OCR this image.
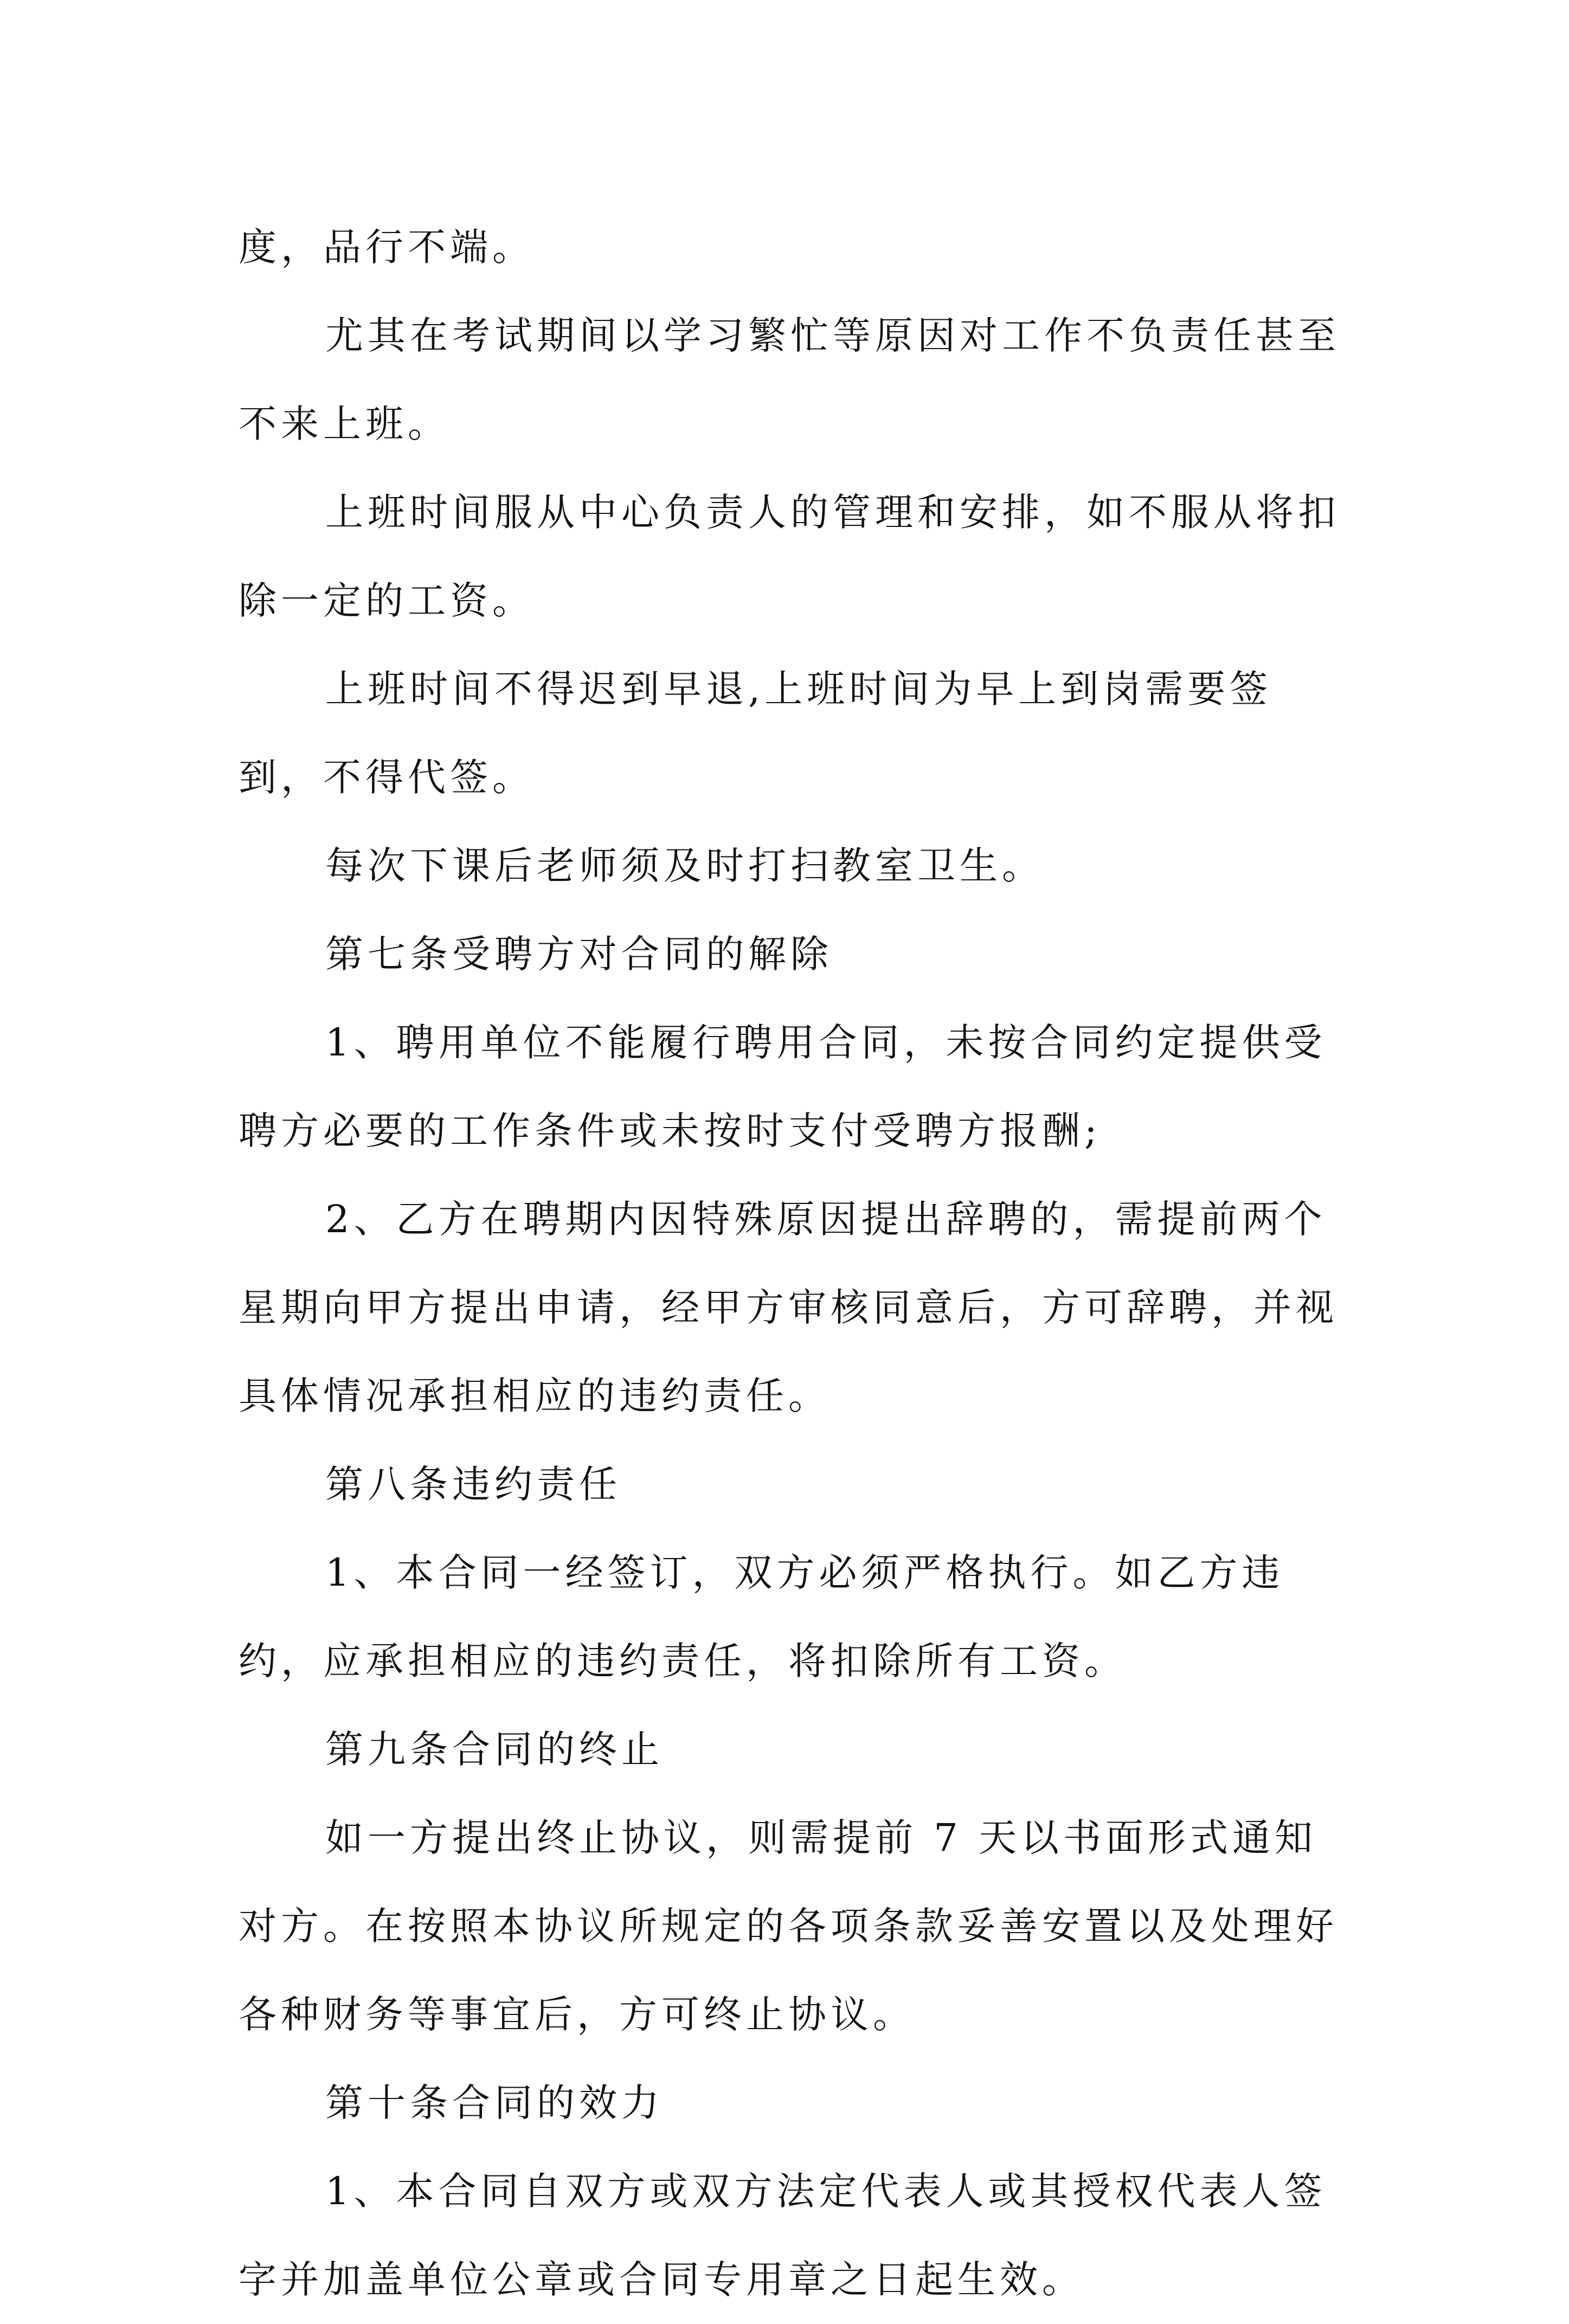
度，品行不端。

尤其在考试期间以学习繁忙等原因对工作不负责任甚至不来上班。

上班时间服从中心负责人的管理和安排，如不服从将扣除一定的工资。

上班时间不得迟到早退,上班时间为早上到岗需要签到，不得代签。

每次下课后老师须及时打扫教室卫生。

第七条受聘方对合同的解除

1、聘用单位不能履行聘用合同，未按合同约定提供受聘方必要的工作条件或未按时支付受聘方报酬;

2、乙方在聘期内因特殊原因提出辞聘的，需提前两个星期向甲方提出申请，经甲方审核同意后，方可辞聘，并视具体情况承担相应的违约责任。

第八条违约责任

1、本合同一经签订，双方必须严格执行。如乙方违约，应承担相应的违约责任，将扣除所有工资。

第九条合同的终止

如一方提出终止协议，则需提前 7 天以书面形式通知对方。在按照本协议所规定的各项条款妥善安置以及处理好各种财务等事宜后，方可终止协议。

第十条合同的效力

1、本合同自双方或双方法定代表人或其授权代表人签字并加盖单位公章或合同专用章之日起生效。
